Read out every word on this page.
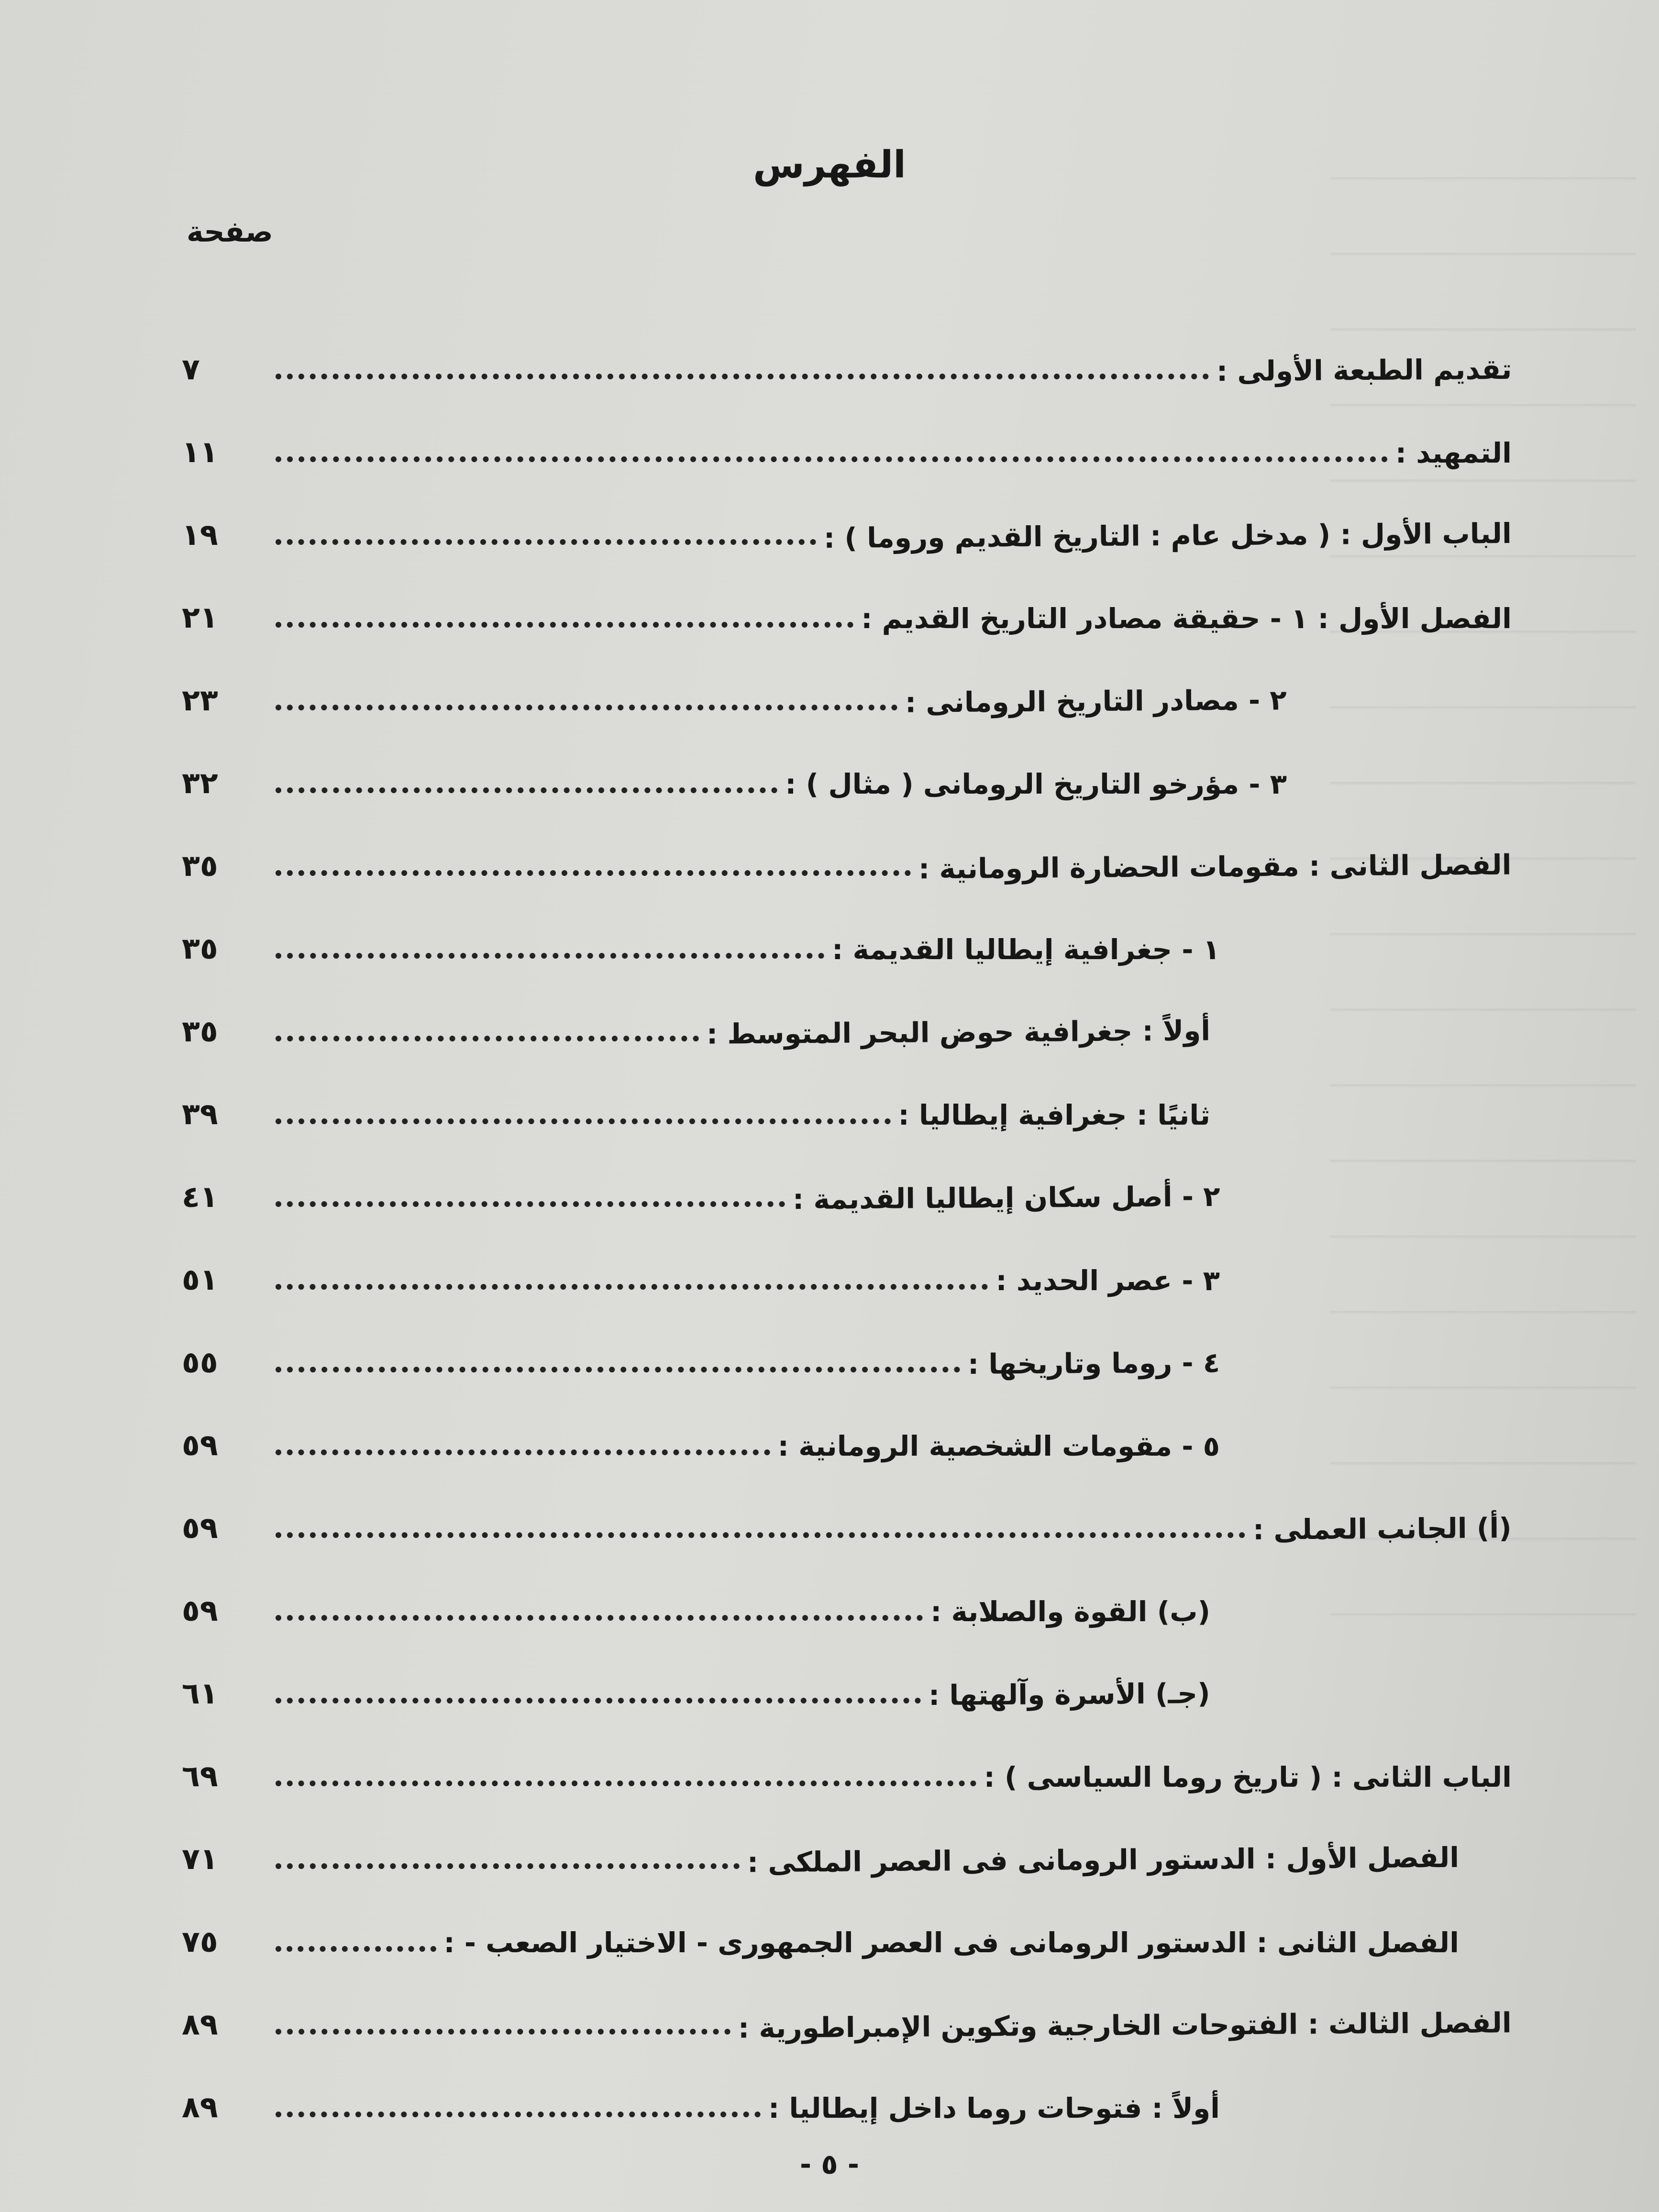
الفهرس
صفحة
تقديم الطبعة الأولى :
٧
التمهيد :
١١
الباب الأول : ( مدخل عام : التاريخ القديم وروما ) :
١٩
الفصل الأول : ١ - حقيقة مصادر التاريخ القديم :
٢١
٢ - مصادر التاريخ الرومانى :
٢٣
٣ - مؤرخو التاريخ الرومانى ( مثال ) :
٣٢
الفصل الثانى : مقومات الحضارة الرومانية :
٣٥
١ - جغرافية إيطاليا القديمة :
٣٥
أولاً : جغرافية حوض البحر المتوسط :
٣٥
ثانيًا : جغرافية إيطاليا :
٣٩
٢ - أصل سكان إيطاليا القديمة :
٤١
٣ - عصر الحديد :
٥١
٤ - روما وتاريخها :
٥٥
٥ - مقومات الشخصية الرومانية :
٥٩
(أ) الجانب العملى :
٥٩
(ب) القوة والصلابة :
٥٩
(جـ) الأسرة وآلهتها :
٦١
الباب الثانى : ( تاريخ روما السياسى ) :
٦٩
الفصل الأول : الدستور الرومانى فى العصر الملكى :
٧١
الفصل الثانى : الدستور الرومانى فى العصر الجمهورى - الاختيار الصعب - :
٧٥
الفصل الثالث : الفتوحات الخارجية وتكوين الإمبراطورية :
٨٩
أولاً : فتوحات روما داخل إيطاليا :
٨٩
- ٥ -
